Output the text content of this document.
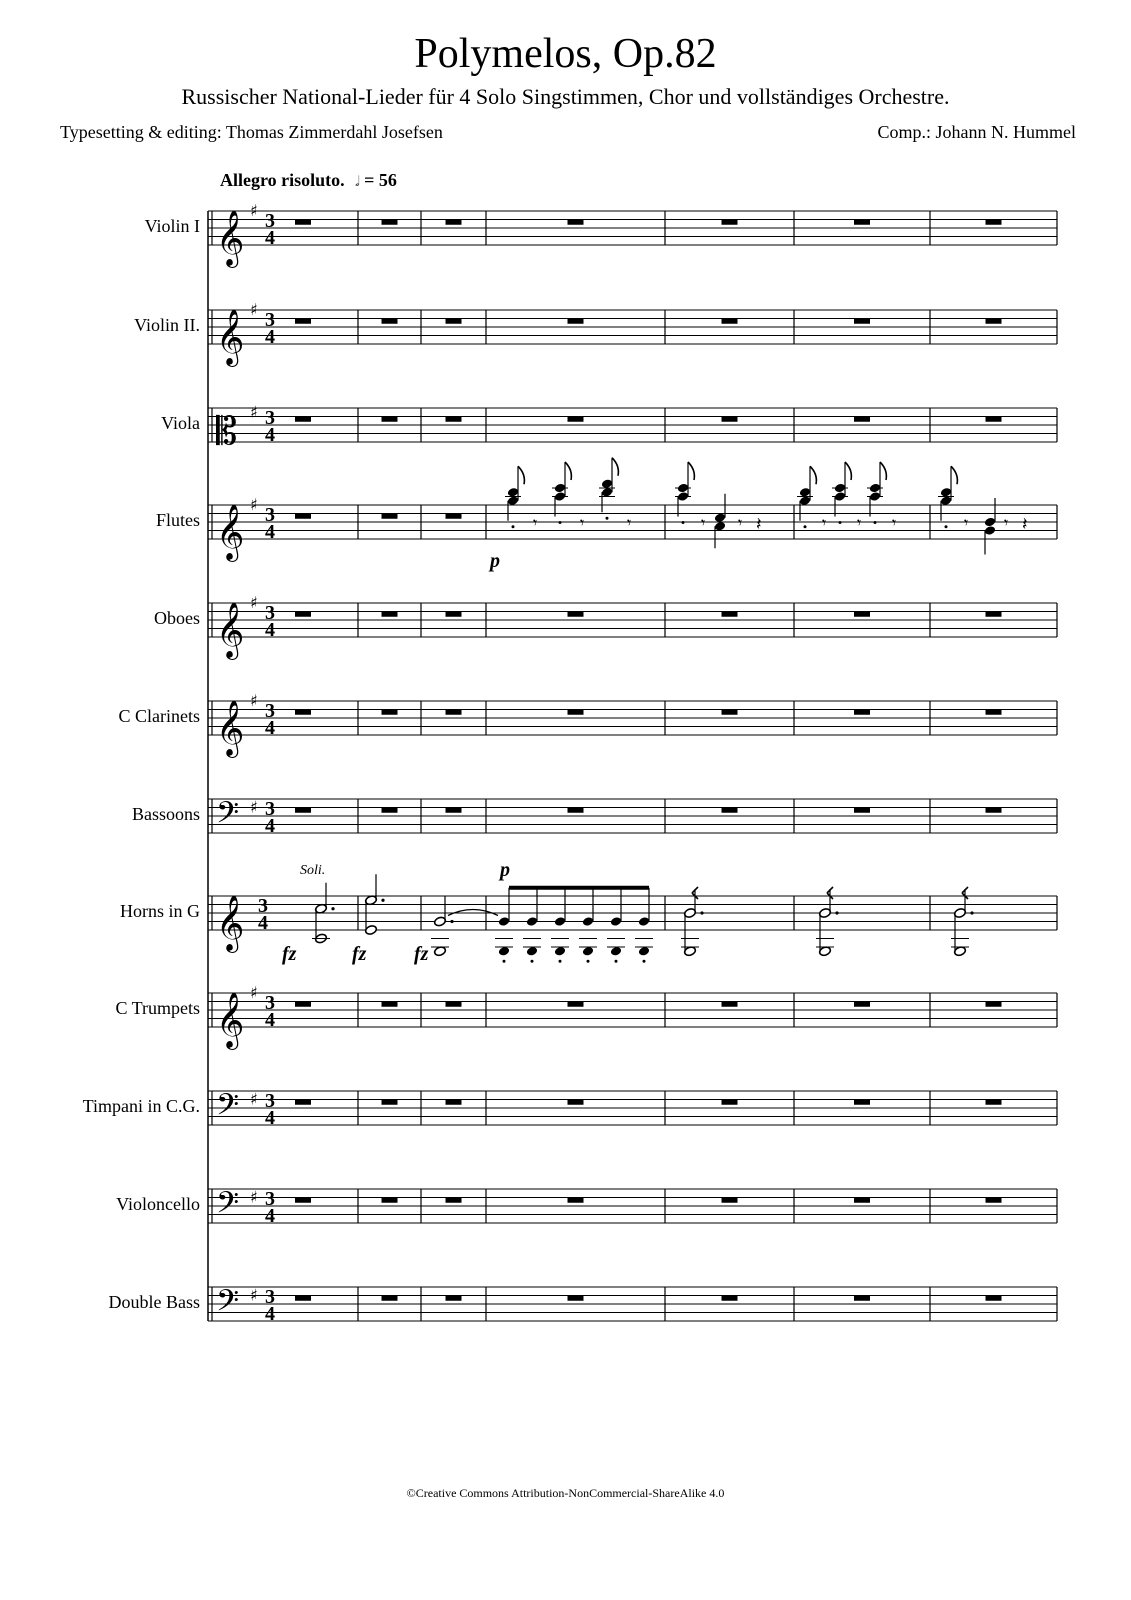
Polymelos, Op.82
Russischer National-Lieder für 4 Solo Singstimmen, Chor und vollständiges Orchestre.
Typesetting & editing: Thomas Zimmerdahl Josefsen	Comp.: Johann N. Hummel
Allegro risoluto. 𝅗𝅥 = 56
Violin I
Violin II.
Viola
Flutes
Oboes
C Clarinets
Bassoons
Horns in G
C Trumpets
Timpani in C.G.
Violoncello
Double Bass
𝄞 ♯ 3
4
𝄞 ♯ 3
4
𝄡 ♯ 3
4
𝄞 ♯ 3
4
𝄞 ♯ 3
4
𝄞 ♯ 3
4
𝄢 ♯ 3
4
𝄞 3
4
𝄞 ♯ 3
4
𝄢 ♯ 3
4
𝄢 ♯ 3
4
𝄢 ♯ 3
4
𝄾	𝄾	𝄾	𝄾 𝄾 𝄽	𝄾 𝄾 𝄾	𝄾 𝄾 𝄽
p
Soli.
fz	fz fz
p
©Creative Commons Attribution-NonCommercial-ShareAlike 4.0
